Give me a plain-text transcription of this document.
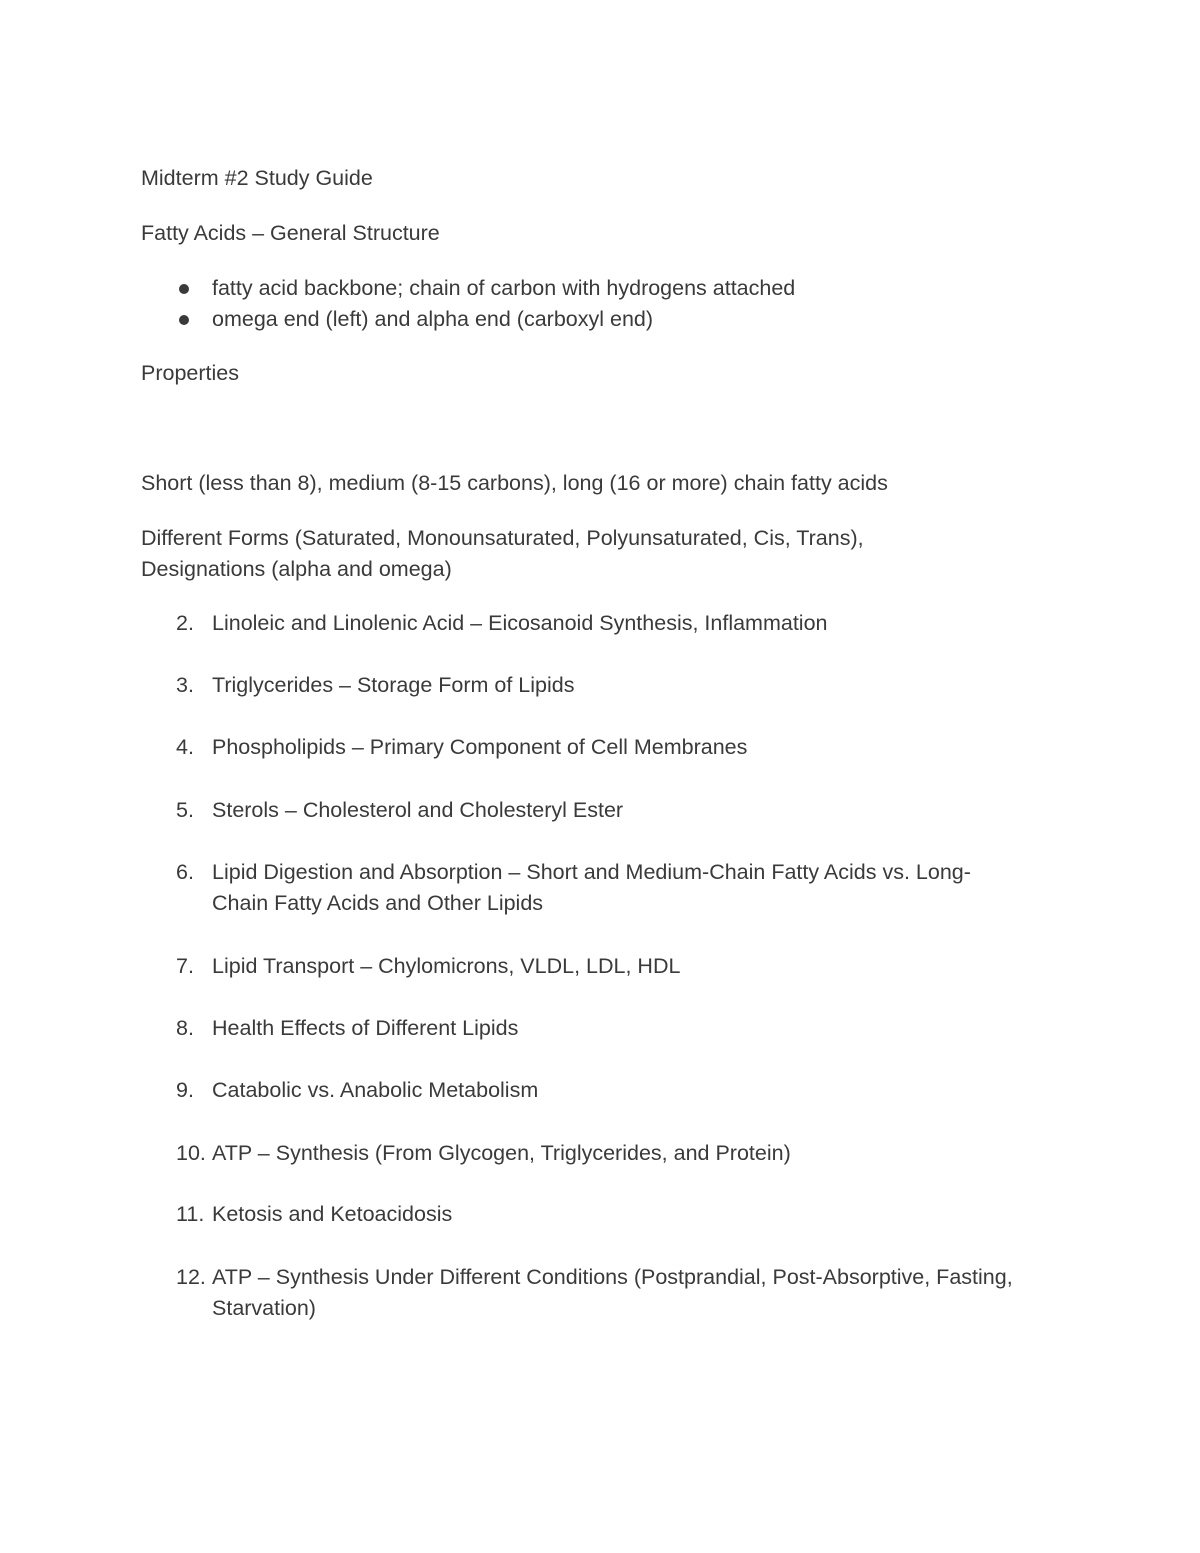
Midterm #2 Study Guide

Fatty Acids – General Structure

fatty acid backbone; chain of carbon with hydrogens attached
omega end (left) and alpha end (carboxyl end)

Properties

Short (less than 8), medium (8-15 carbons), long (16 or more) chain fatty acids

Different Forms (Saturated, Monounsaturated, Polyunsaturated, Cis, Trans),

Designations (alpha and omega)

2. Linoleic and Linolenic Acid – Eicosanoid Synthesis, Inflammation
3. Triglycerides – Storage Form of Lipids
4. Phospholipids – Primary Component of Cell Membranes
5. Sterols – Cholesterol and Cholesteryl Ester
6. Lipid Digestion and Absorption – Short and Medium-Chain Fatty Acids vs. Long-Chain Fatty Acids and Other Lipids
7. Lipid Transport – Chylomicrons, VLDL, LDL, HDL
8. Health Effects of Different Lipids
9. Catabolic vs. Anabolic Metabolism
10. ATP – Synthesis (From Glycogen, Triglycerides, and Protein)
11. Ketosis and Ketoacidosis
12. ATP – Synthesis Under Different Conditions (Postprandial, Post-Absorptive, Fasting, Starvation)
